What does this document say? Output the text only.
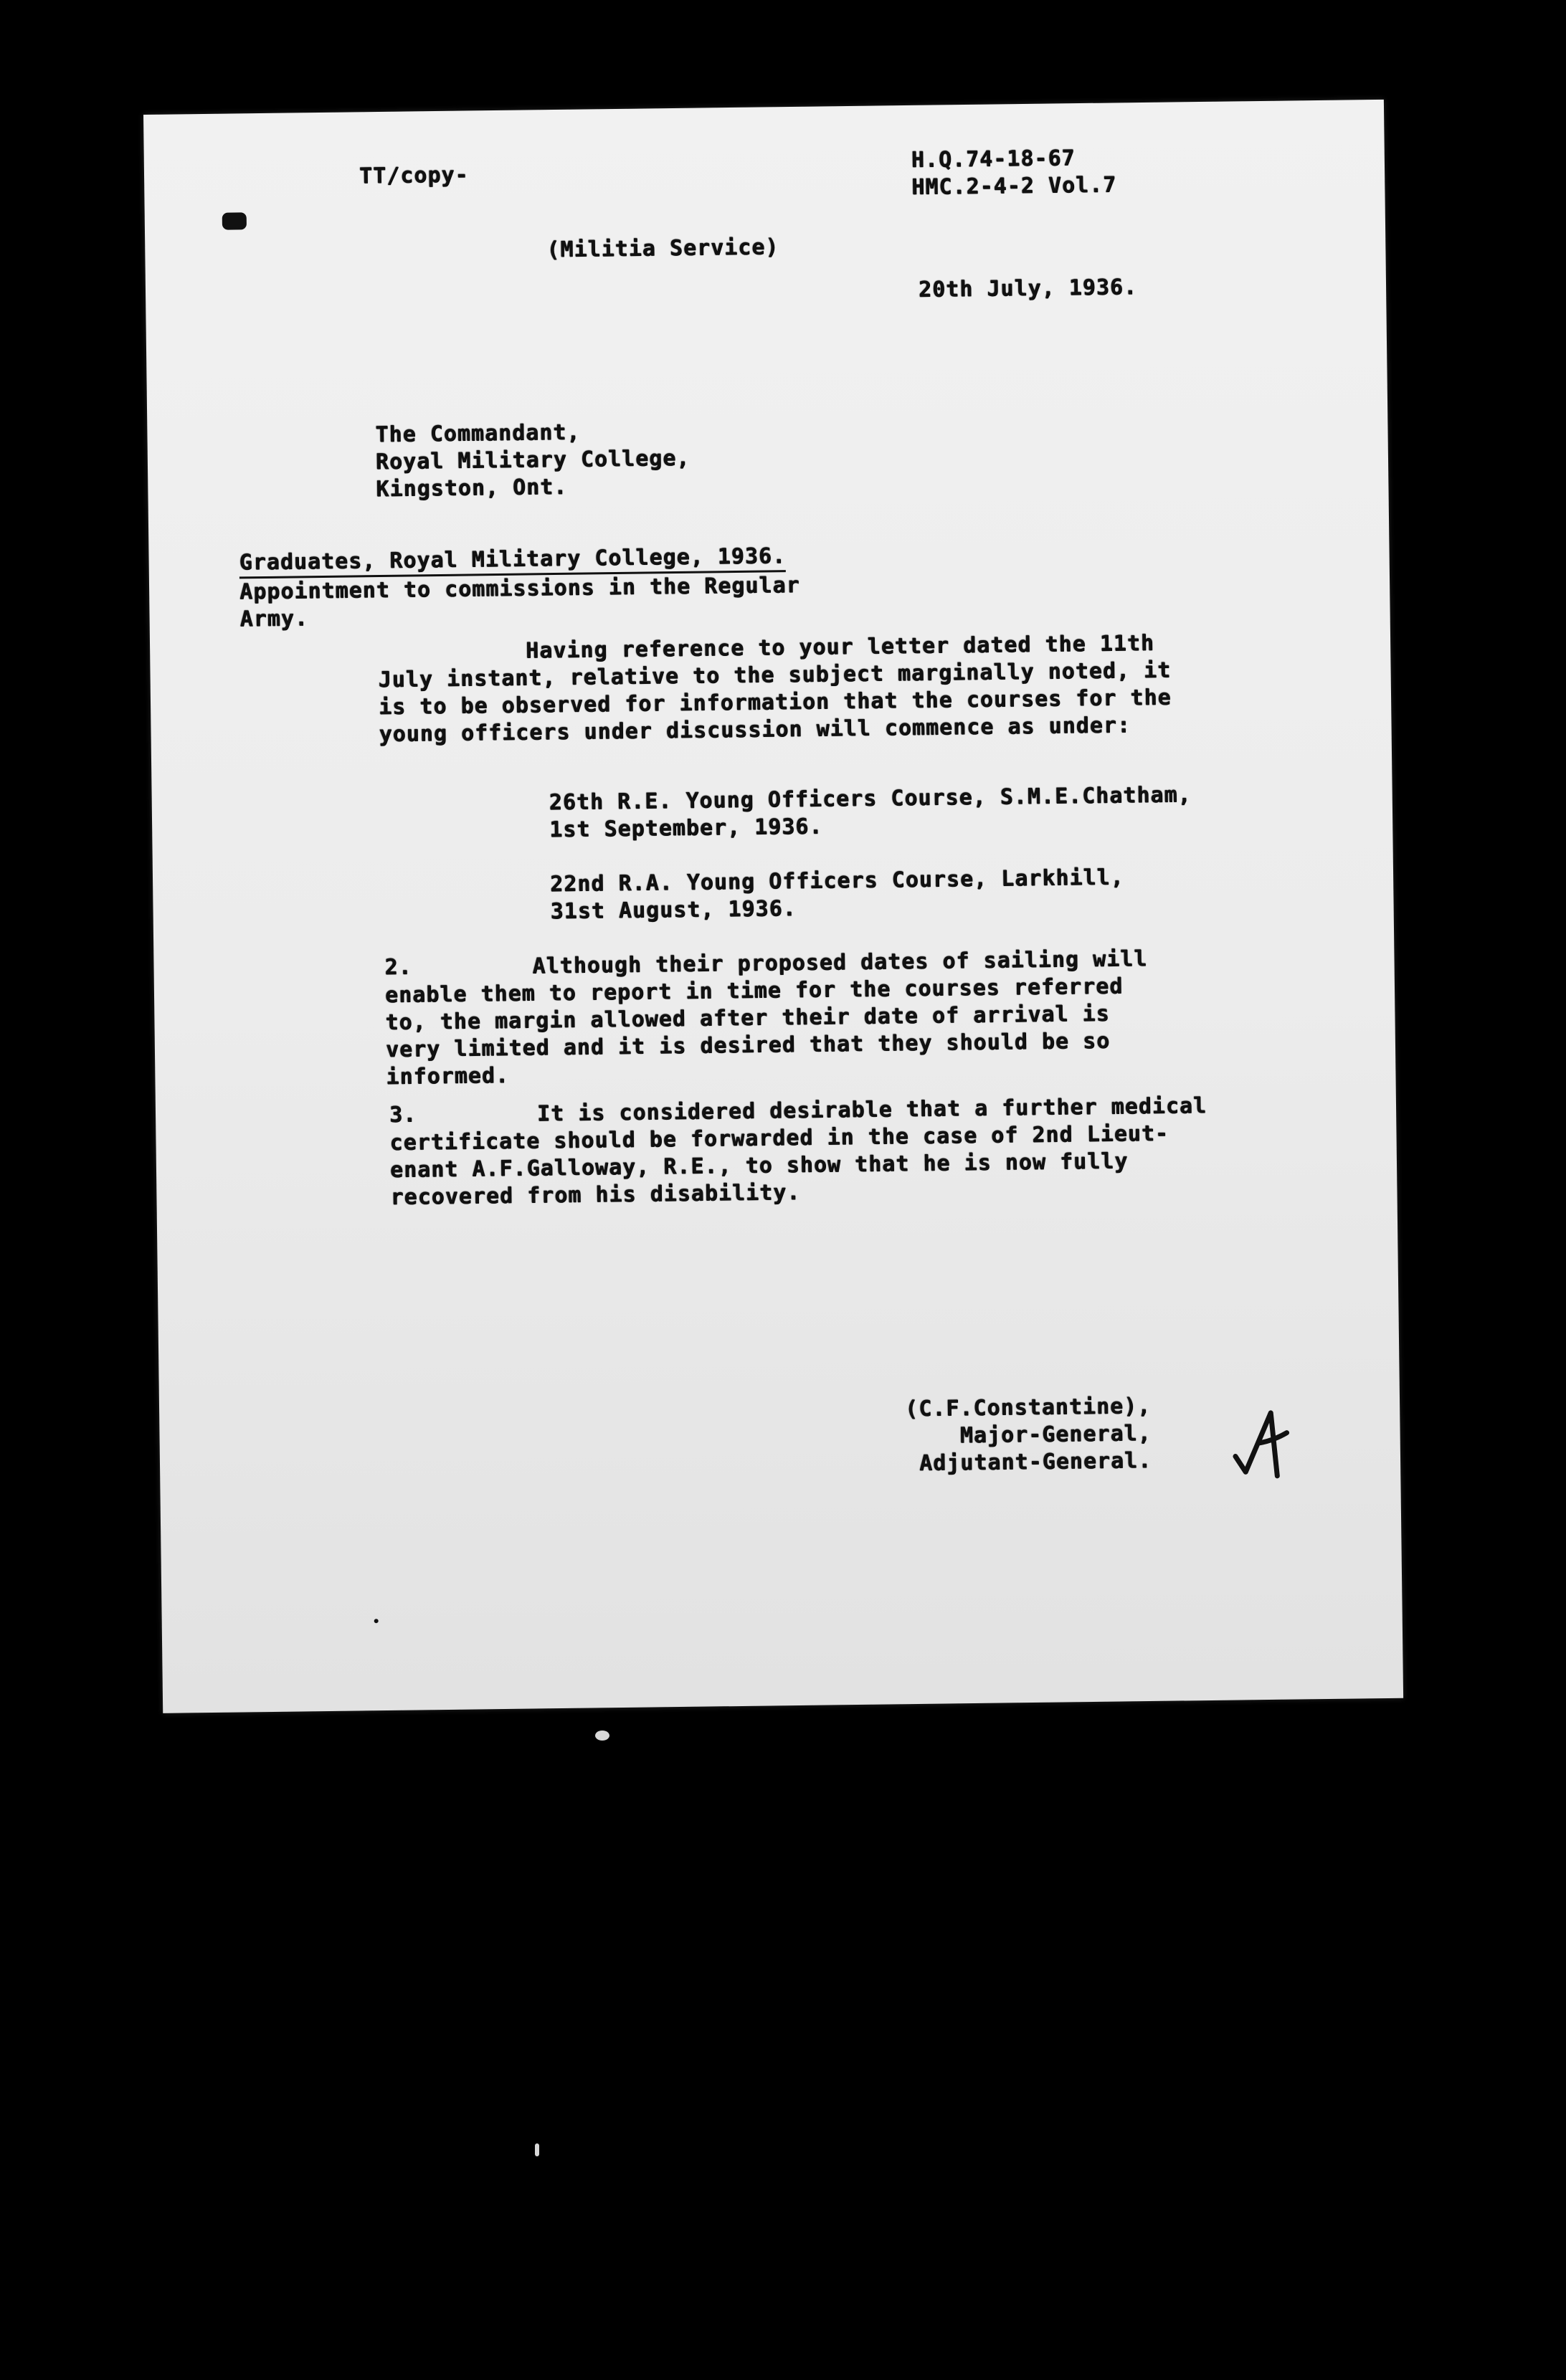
TT/copy-
H.Q.74-18-67
HMC.2-4-2 Vol.7
(Militia Service)
20th July, 1936.
The Commandant,
Royal Military College,
Kingston, Ont.
Graduates, Royal Military College, 1936.
Appointment to commissions in the Regular
Army.
Having reference to your letter dated the 11th
July instant, relative to the subject marginally noted, it
is to be observed for information that the courses for the
young officers under discussion will commence as under:
26th R.E. Young Officers Course, S.M.E.Chatham,
1st September, 1936.
22nd R.A. Young Officers Course, Larkhill,
31st August, 1936.
2.	Although their proposed dates of sailing will
enable them to report in time for the courses referred
to, the margin allowed after their date of arrival is
very limited and it is desired that they should be so
informed.
3.	It is considered desirable that a further medical
certificate should be forwarded in the case of 2nd Lieut-
enant A.F.Galloway, R.E., to show that he is now fully
recovered from his disability.
(C.F.Constantine),
Major-General,
Adjutant-General.
